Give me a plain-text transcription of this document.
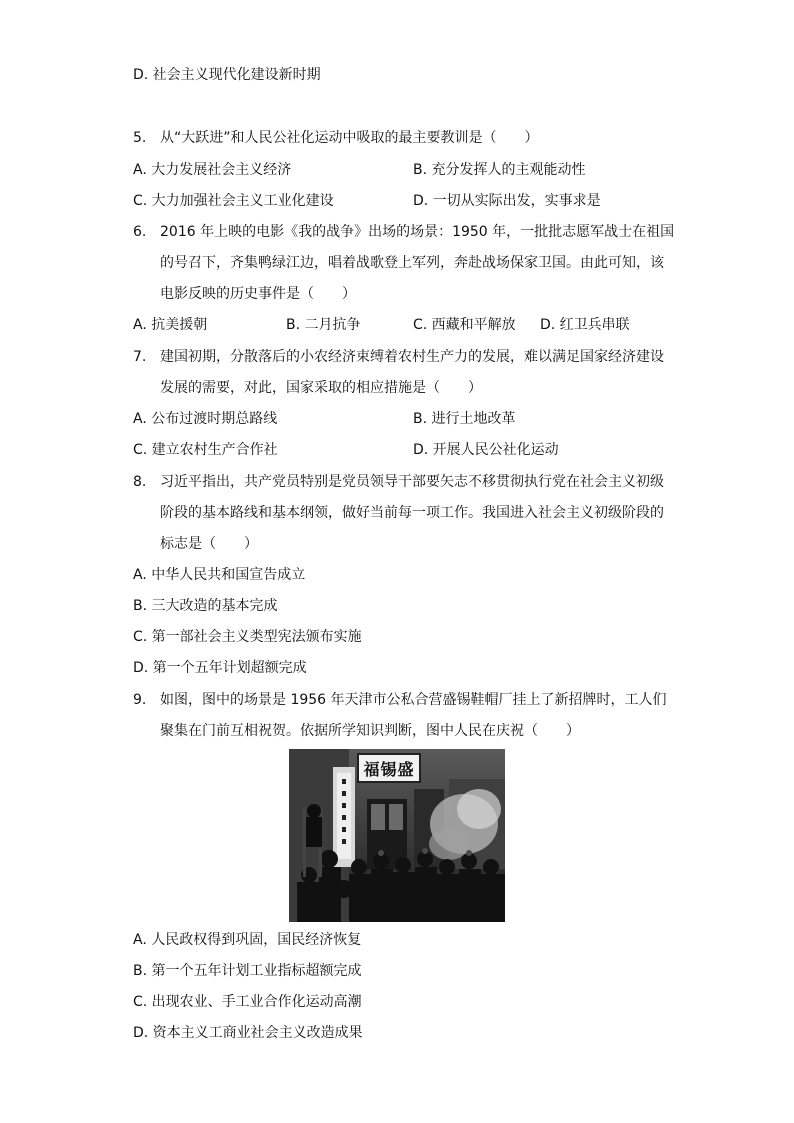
D. 社会主义现代化建设新时期
5. 从“大跃进”和人民公社化运动中吸取的最主要教训是（　　）
A. 大力发展社会主义经济	B. 充分发挥人的主观能动性
C. 大力加强社会主义工业化建设	D. 一切从实际出发，实事求是
6. 2016 年上映的电影《我的战争》出场的场景：1950 年，一批批志愿军战士在祖国
的号召下，齐集鸭绿江边，唱着战歌登上军列，奔赴战场保家卫国。由此可知，该
电影反映的历史事件是（　　）
A. 抗美援朝	B. 二月抗争	C. 西藏和平解放 D. 红卫兵串联
7. 建国初期，分散落后的小农经济束缚着农村生产力的发展，难以满足国家经济建设
发展的需要，对此，国家采取的相应措施是（　　）
A. 公布过渡时期总路线	B. 进行土地改革
C. 建立农村生产合作社	D. 开展人民公社化运动
8. 习近平指出，共产党员特别是党员领导干部要矢志不移贯彻执行党在社会主义初级
阶段的基本路线和基本纲领，做好当前每一项工作。我国进入社会主义初级阶段的
标志是（　　）
A. 中华人民共和国宣告成立
B. 三大改造的基本完成
C. 第一部社会主义类型宪法颁布实施
D. 第一个五年计划超额完成
9. 如图，图中的场景是 1956 年天津市公私合营盛锡鞋帽厂挂上了新招牌时，工人们
聚集在门前互相祝贺。依据所学知识判断，图中人民在庆祝（　　）
福锡盛
A. 人民政权得到巩固，国民经济恢复
B. 第一个五年计划工业指标超额完成
C. 出现农业、手工业合作化运动高潮
D. 资本主义工商业社会主义改造成果
